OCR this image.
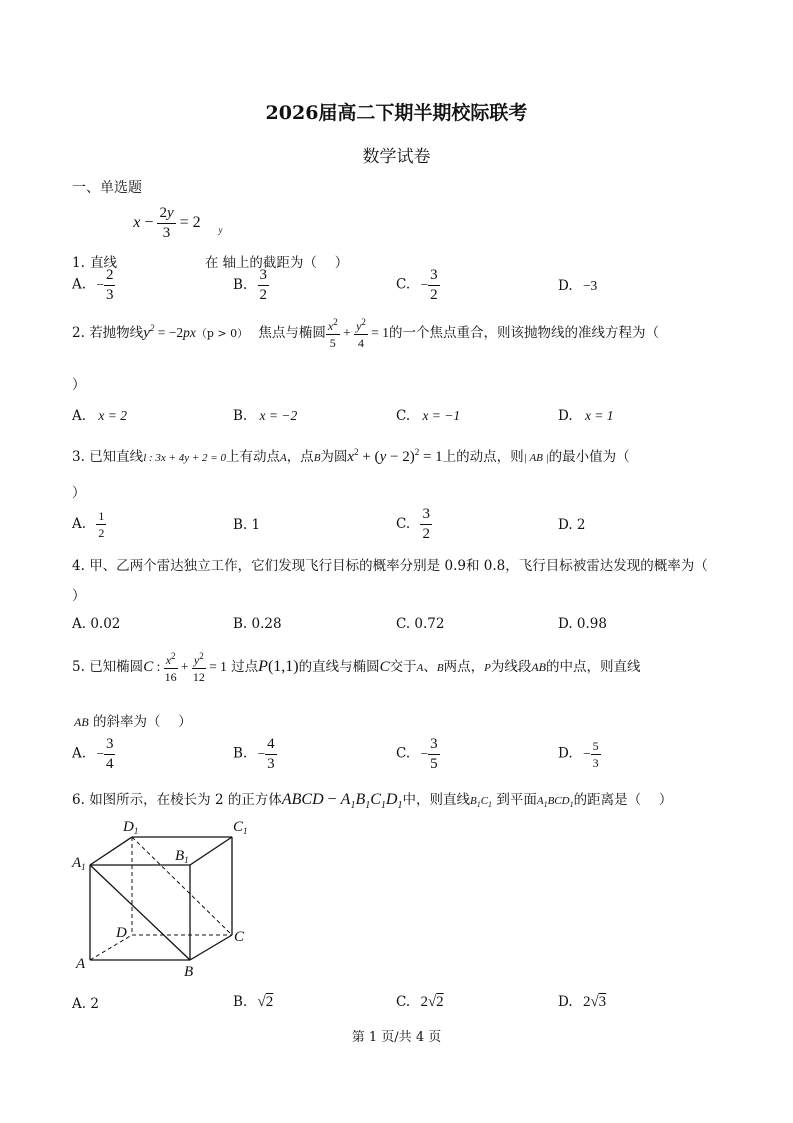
2026届高二下期半期校际联考
数学试卷
一、单选题
1. 直线 $x - \frac{2y}{3} = 2$ 在y轴上的截距为（　 ）
A. − $\frac{2}{3}$	B. $\frac{3}{2}$	C. − $\frac{3}{2}$	D. −3
2. 若抛物线$y^2 = -2px(p > 0)$ 焦点与椭圆 $\frac{x^2}{5} + \frac{y^2}{4} = 1$的一个焦点重合，则该抛物线的准线方程为（
）
A. x = 2	B. x = −2	C. x = −1	D. x = 1
3. 已知直线l : 3x + 4y + 2 = 0上有动点A，点B为圆$x^2 + (y - 2)^2 = 1$上的动点，则| AB |的最小值为（
）
A. $\frac{1}{2}$	B. 1	C. $\frac{3}{2}$	D. 2
4. 甲、乙两个雷达独立工作，它们发现飞行目标的概率分别是 0.9和 0.8，飞行目标被雷达发现的概率为（
）
A. 0.02	B. 0.28	C. 0.72	D. 0.98
5. 已知椭圆C : $\frac{x^2}{16} + \frac{y^2}{12} = 1$ 过点P(1,1)的直线与椭圆C交于A、B两点，P为线段AB的中点，则直线
AB 的斜率为（　 ）
A. − $\frac{3}{4}$	B. − $\frac{4}{3}$	C. − $\frac{3}{5}$	D. − $\frac{5}{3}$
6. 如图所示，在棱长为 2 的正方体ABCD − $A_1B_1C_1D_1$中，则直线$B_1C_1$ 到平面$A_1BCD_1$的距离是（　 ）
$D_1$	$C_1$
$A_1$
$B_1$
D	C
A	B
A. 2	B. √2	C. 2√2	D. 2√3
第 1 页/共 4 页
